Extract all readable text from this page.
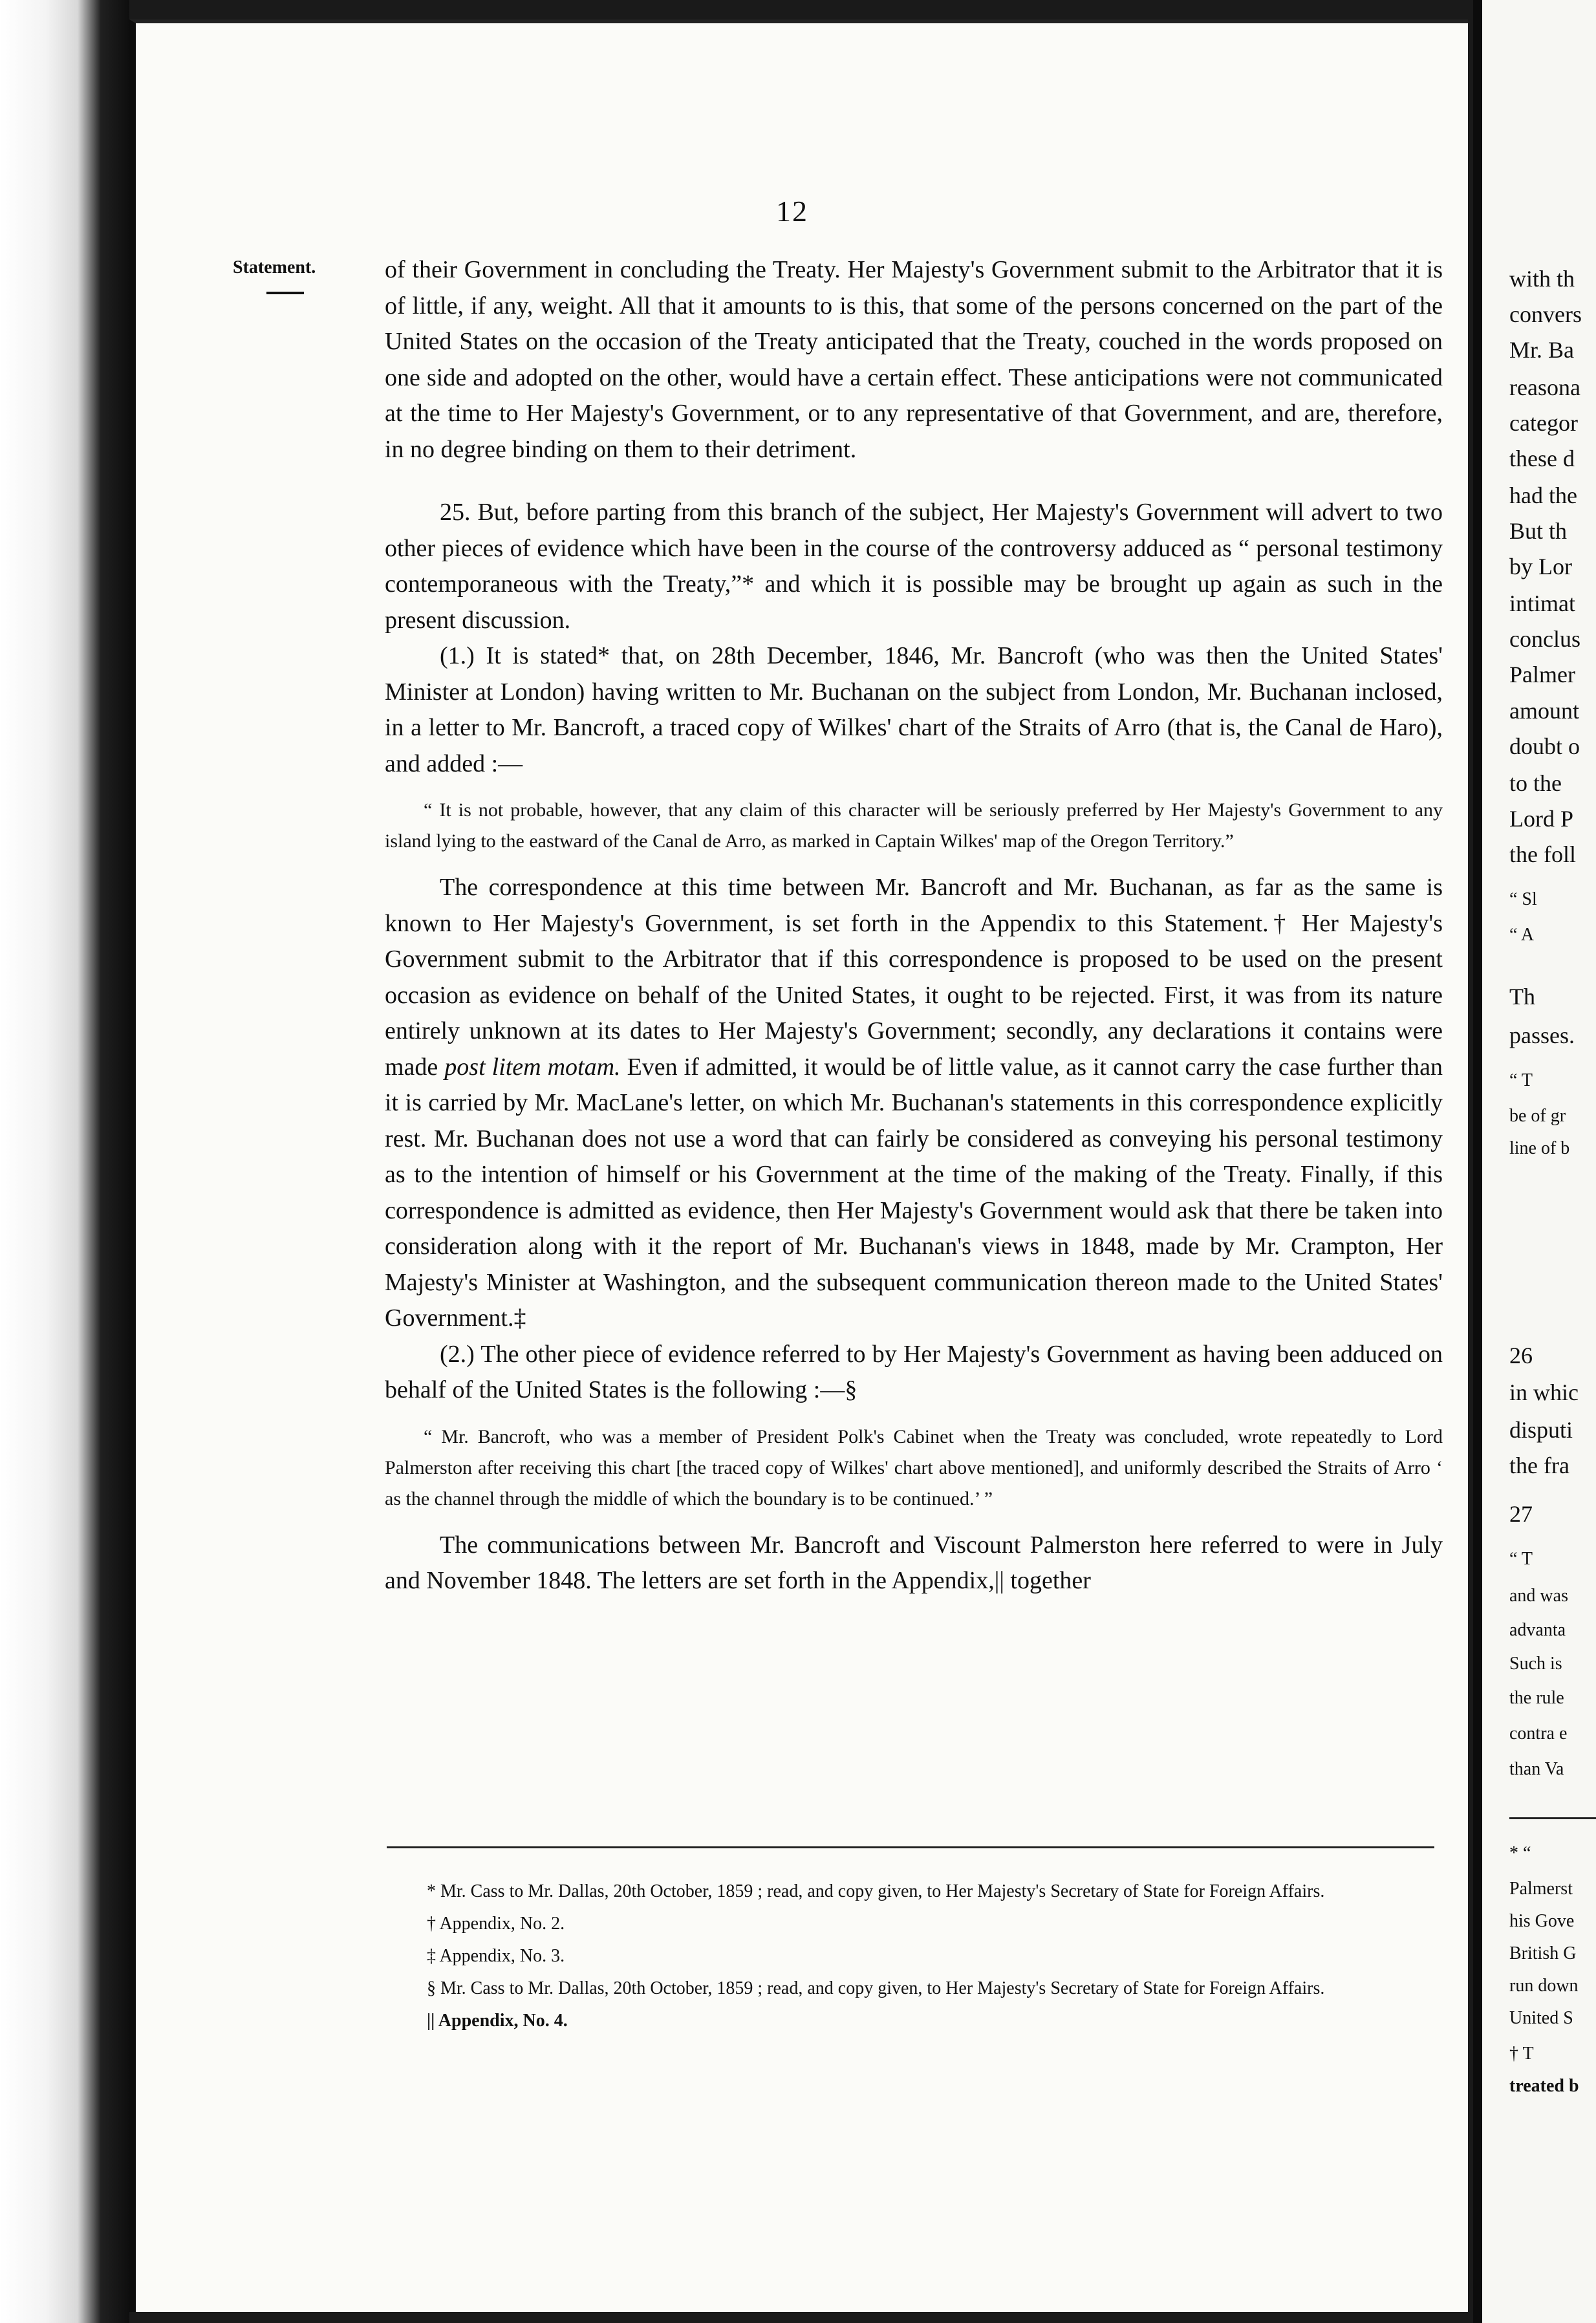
12
Statement.	of their Government in concluding the Treaty. Her Majesty's Government submit to the Arbitrator that it is of little, if any, weight. All that it amounts to is this, that some of the persons concerned on the part of the United States on the occasion of the Treaty anticipated that the Treaty, couched in the words proposed on one side and adopted on the other, would have a certain effect. These anticipations were not communicated at the time to Her Majesty's Government, or to any representative of that Government, and are, therefore, in no degree binding on them to their detriment.

25. But, before parting from this branch of the subject, Her Majesty's Government will advert to two other pieces of evidence which have been in the course of the controversy adduced as “ personal testimony contemporaneous with the Treaty,”* and which it is possible may be brought up again as such in the present discussion.

(1.) It is stated* that, on 28th December, 1846, Mr. Bancroft (who was then the United States' Minister at London) having written to Mr. Buchanan on the subject from London, Mr. Buchanan inclosed, in a letter to Mr. Bancroft, a traced copy of Wilkes' chart of the Straits of Arro (that is, the Canal de Haro), and added :—

“ It is not probable, however, that any claim of this character will be seriously preferred by Her Majesty's Government to any island lying to the eastward of the Canal de Arro, as marked in Captain Wilkes' map of the Oregon Territory.”

The correspondence at this time between Mr. Bancroft and Mr. Buchanan, as far as the same is known to Her Majesty's Government, is set forth in the Appendix to this Statement.† Her Majesty's Government submit to the Arbitrator that if this correspondence is proposed to be used on the present occasion as evidence on behalf of the United States, it ought to be rejected. First, it was from its nature entirely unknown at its dates to Her Majesty's Government; secondly, any declarations it contains were made post litem motam. Even if admitted, it would be of little value, as it cannot carry the case further than it is carried by Mr. MacLane's letter, on which Mr. Buchanan's statements in this correspondence explicitly rest. Mr. Buchanan does not use a word that can fairly be considered as conveying his personal testimony as to the intention of himself or his Government at the time of the making of the Treaty. Finally, if this correspondence is admitted as evidence, then Her Majesty's Government would ask that there be taken into consideration along with it the report of Mr. Buchanan's views in 1848, made by Mr. Crampton, Her Majesty's Minister at Washington, and the subsequent communication thereon made to the United States' Government.‡

(2.) The other piece of evidence referred to by Her Majesty's Government as having been adduced on behalf of the United States is the following :—§

“ Mr. Bancroft, who was a member of President Polk's Cabinet when the Treaty was concluded, wrote repeatedly to Lord Palmerston after receiving this chart [the traced copy of Wilkes' chart above mentioned], and uniformly described the Straits of Arro ‘ as the channel through the middle of which the boundary is to be continued.’ ”

The communications between Mr. Bancroft and Viscount Palmerston here referred to were in July and November 1848. The letters are set forth in the Appendix,|| together

* Mr. Cass to Mr. Dallas, 20th October, 1859 ; read, and copy given, to Her Majesty's Secretary of State for Foreign Affairs.

† Appendix, No. 2.

‡ Appendix, No. 3.

§ Mr. Cass to Mr. Dallas, 20th October, 1859 ; read, and copy given, to Her Majesty's Secretary of State for Foreign Affairs.

|| Appendix, No. 4.

with th
convers
Mr. Ba
reasona
categor
these d
had the
But th
by Lor
intimat
conclus
Palmer
amount
doubt o
to the
Lord P
the foll
“ Sl
“ A
Th
passes.
“ T
be of gr
line of b
26
in whic
disputi
the fra
27
“ T
and was
advanta
Such is
the rule
contra e
than Va
* “
Palmerst
his Gove
British G
run down
United S
† T
treated b
